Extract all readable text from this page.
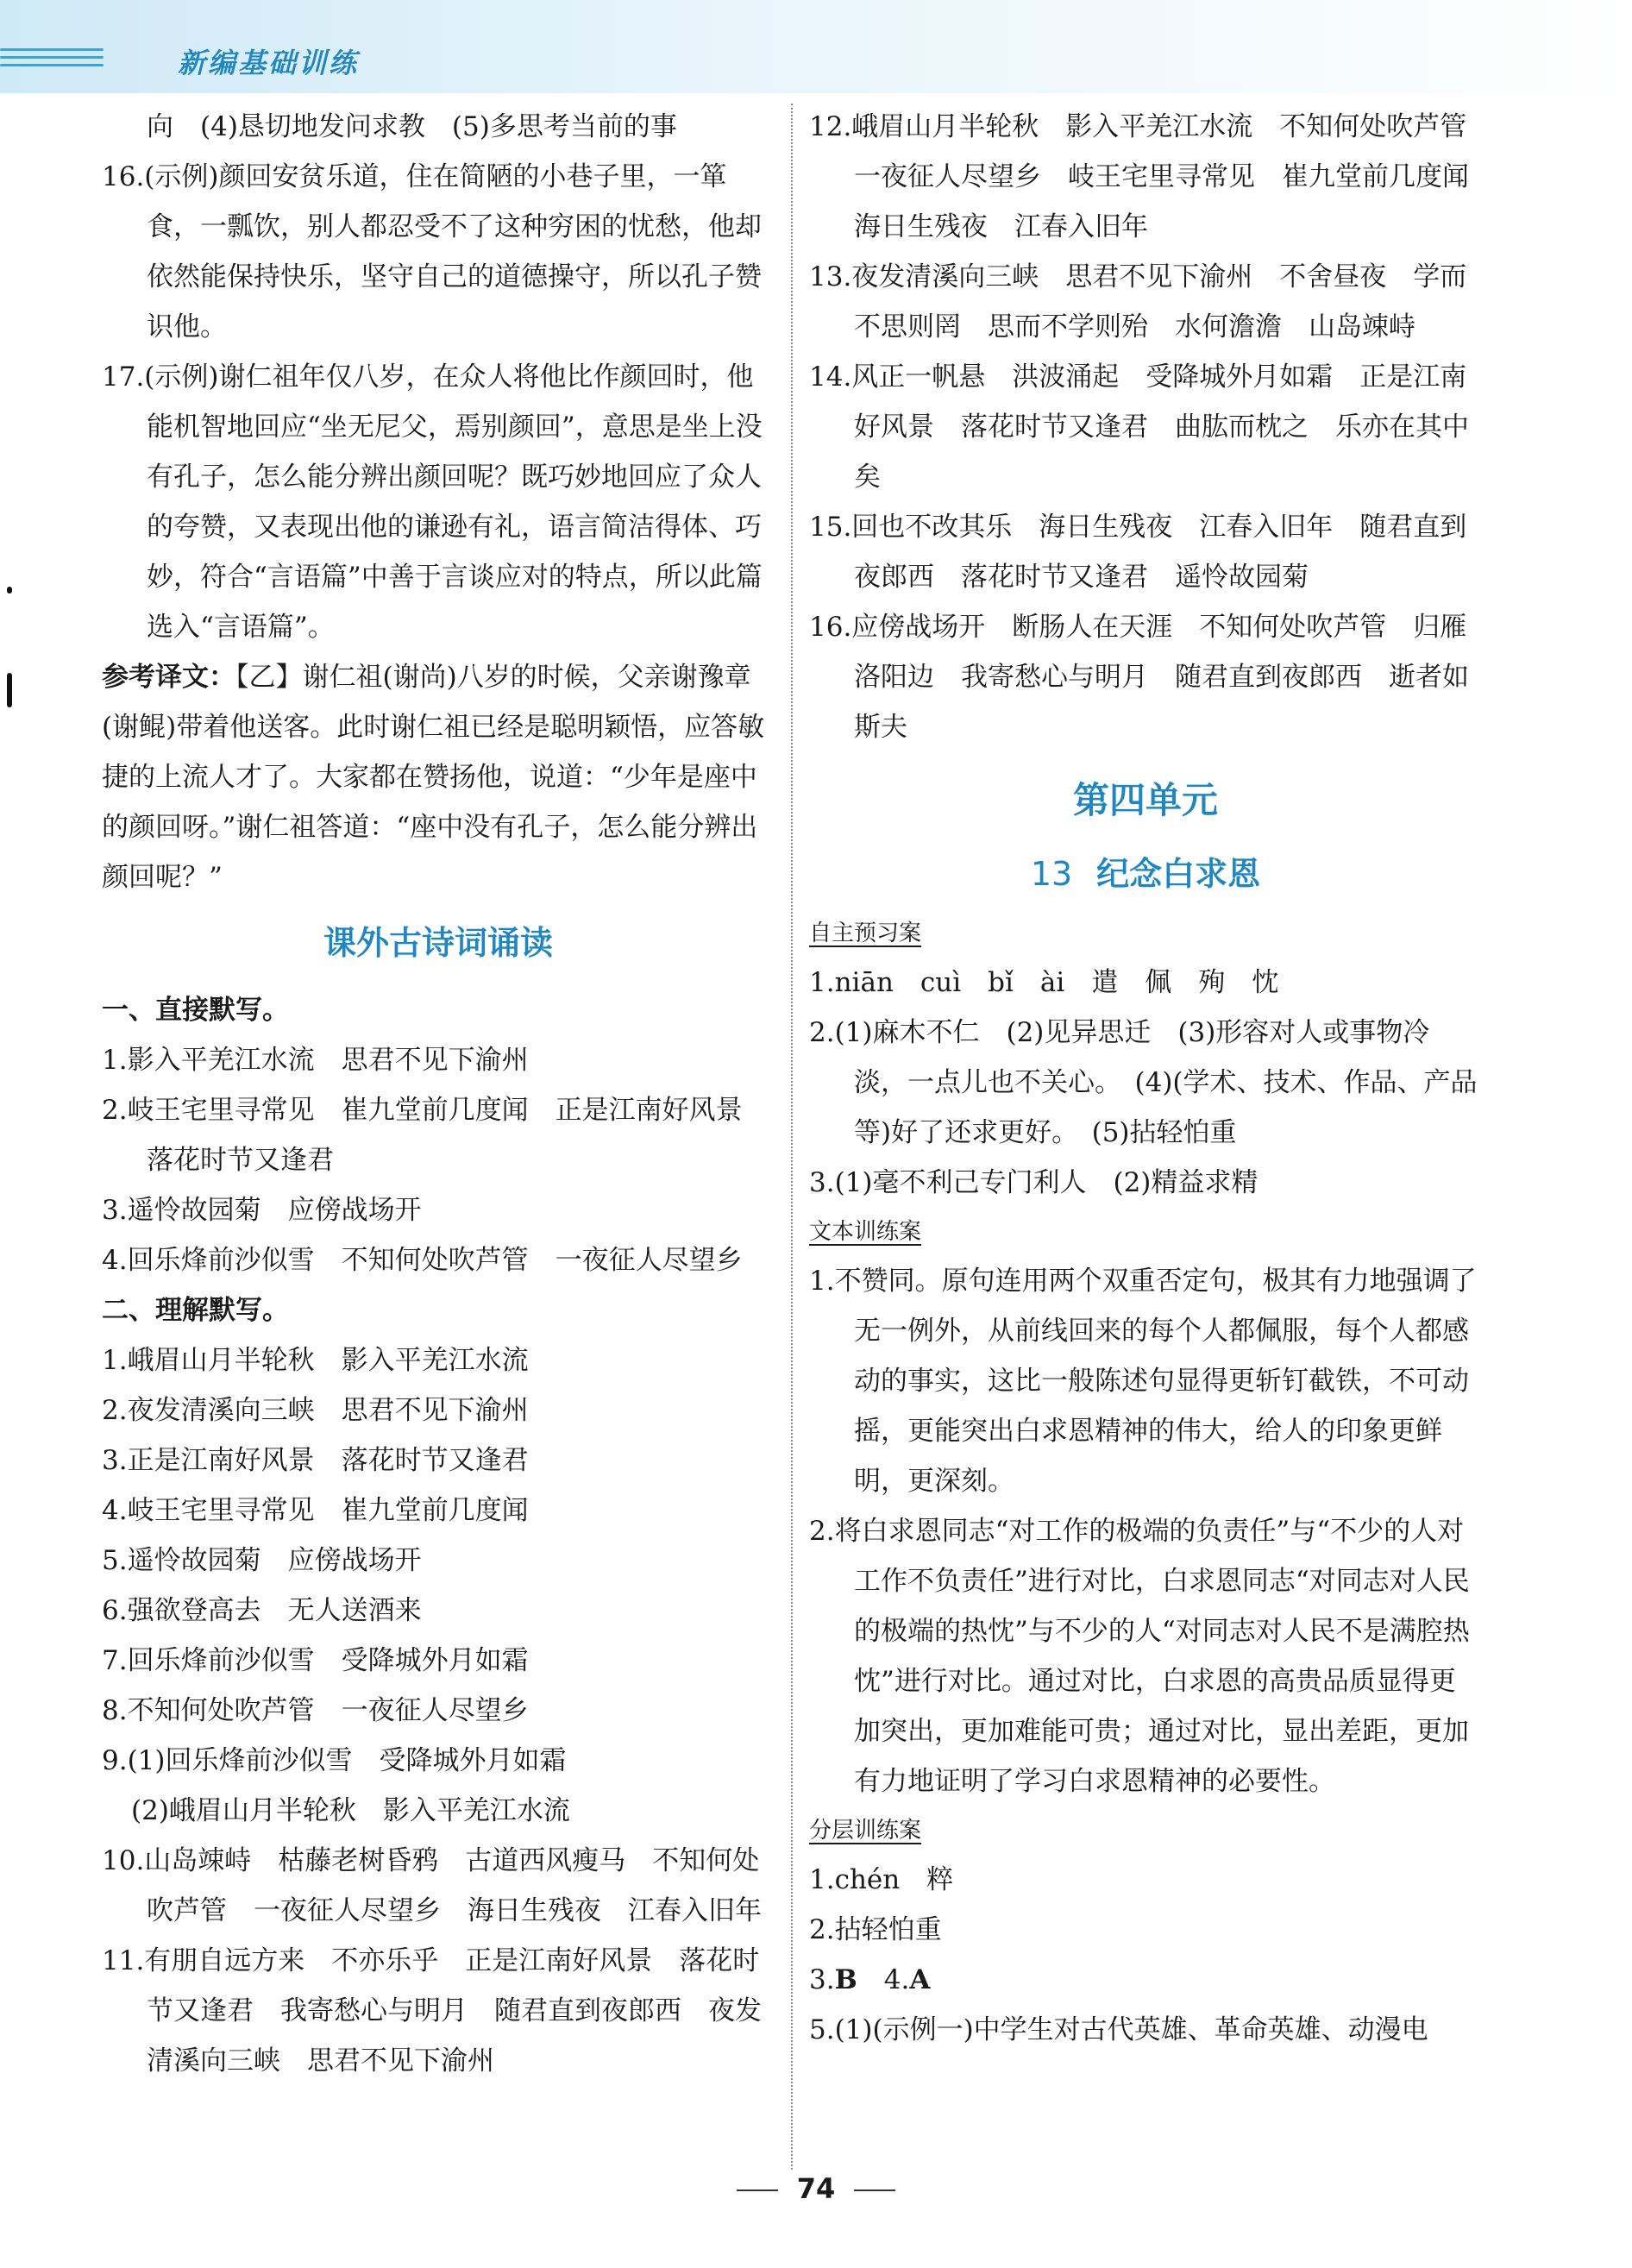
新编基础训练

向　(4)恳切地发问求教　(5)多思考当前的事

16.(示例)颜回安贫乐道，住在简陋的小巷子里，一箪食，一瓢饮，别人都忍受不了这种穷困的忧愁，他却依然能保持快乐，坚守自己的道德操守，所以孔子赞识他。

17.(示例)谢仁祖年仅八岁，在众人将他比作颜回时，他能机智地回应“坐无尼父，焉别颜回”，意思是坐上没有孔子，怎么能分辨出颜回呢？既巧妙地回应了众人的夸赞，又表现出他的谦逊有礼，语言简洁得体、巧妙，符合“言语篇”中善于言谈应对的特点，所以此篇选入“言语篇”。

参考译文：【乙】谢仁祖(谢尚)八岁的时候，父亲谢豫章(谢鲲)带着他送客。此时谢仁祖已经是聪明颖悟，应答敏捷的上流人才了。大家都在赞扬他，说道：“少年是座中的颜回呀。”谢仁祖答道：“座中没有孔子，怎么能分辨出颜回呢？”

课外古诗词诵读

一、直接默写。

1.影入平羌江水流　思君不见下渝州

2.岐王宅里寻常见　崔九堂前几度闻　正是江南好风景　落花时节又逢君

3.遥怜故园菊　应傍战场开

4.回乐烽前沙似雪　不知何处吹芦管　一夜征人尽望乡

二、理解默写。

1.峨眉山月半轮秋　影入平羌江水流

2.夜发清溪向三峡　思君不见下渝州

3.正是江南好风景　落花时节又逢君

4.岐王宅里寻常见　崔九堂前几度闻

5.遥怜故园菊　应傍战场开

6.强欲登高去　无人送酒来

7.回乐烽前沙似雪　受降城外月如霜

8.不知何处吹芦管　一夜征人尽望乡

9.(1)回乐烽前沙似雪　受降城外月如霜

(2)峨眉山月半轮秋　影入平羌江水流

10.山岛竦峙　枯藤老树昏鸦　古道西风瘦马　不知何处吹芦管　一夜征人尽望乡　海日生残夜　江春入旧年

11.有朋自远方来　不亦乐乎　正是江南好风景　落花时节又逢君　我寄愁心与明月　随君直到夜郎西　夜发清溪向三峡　思君不见下渝州

12.峨眉山月半轮秋　影入平羌江水流　不知何处吹芦管　一夜征人尽望乡　岐王宅里寻常见　崔九堂前几度闻　海日生残夜　江春入旧年

13.夜发清溪向三峡　思君不见下渝州　不舍昼夜　学而不思则罔　思而不学则殆　水何澹澹　山岛竦峙

14.风正一帆悬　洪波涌起　受降城外月如霜　正是江南好风景　落花时节又逢君　曲肱而枕之　乐亦在其中矣

15.回也不改其乐　海日生残夜　江春入旧年　随君直到夜郎西　落花时节又逢君　遥怜故园菊

16.应傍战场开　断肠人在天涯　不知何处吹芦管　归雁洛阳边　我寄愁心与明月　随君直到夜郎西　逝者如斯夫

第四单元

13 纪念白求恩

自主预习案

1.niān　cuì　bǐ　ài　遣　佩　殉　忱

2.(1)麻木不仁　(2)见异思迁　(3)形容对人或事物冷淡，一点儿也不关心。　(4)(学术、技术、作品、产品等)好了还求更好。　(5)拈轻怕重

3.(1)毫不利己专门利人　(2)精益求精

文本训练案

1.不赞同。原句连用两个双重否定句，极其有力地强调了无一例外，从前线回来的每个人都佩服，每个人都感动的事实，这比一般陈述句显得更斩钉截铁，不可动摇，更能突出白求恩精神的伟大，给人的印象更鲜明，更深刻。

2.将白求恩同志“对工作的极端的负责任”与“不少的人对工作不负责任”进行对比，白求恩同志“对同志对人民的极端的热忱”与不少的人“对同志对人民不是满腔热忱”进行对比。通过对比，白求恩的高贵品质显得更加突出，更加难能可贵；通过对比，显出差距，更加有力地证明了学习白求恩精神的必要性。

分层训练案

1.chén　粹

2.拈轻怕重

3.B　4.A

5.(1)(示例一)中学生对古代英雄、革命英雄、动漫电

74
